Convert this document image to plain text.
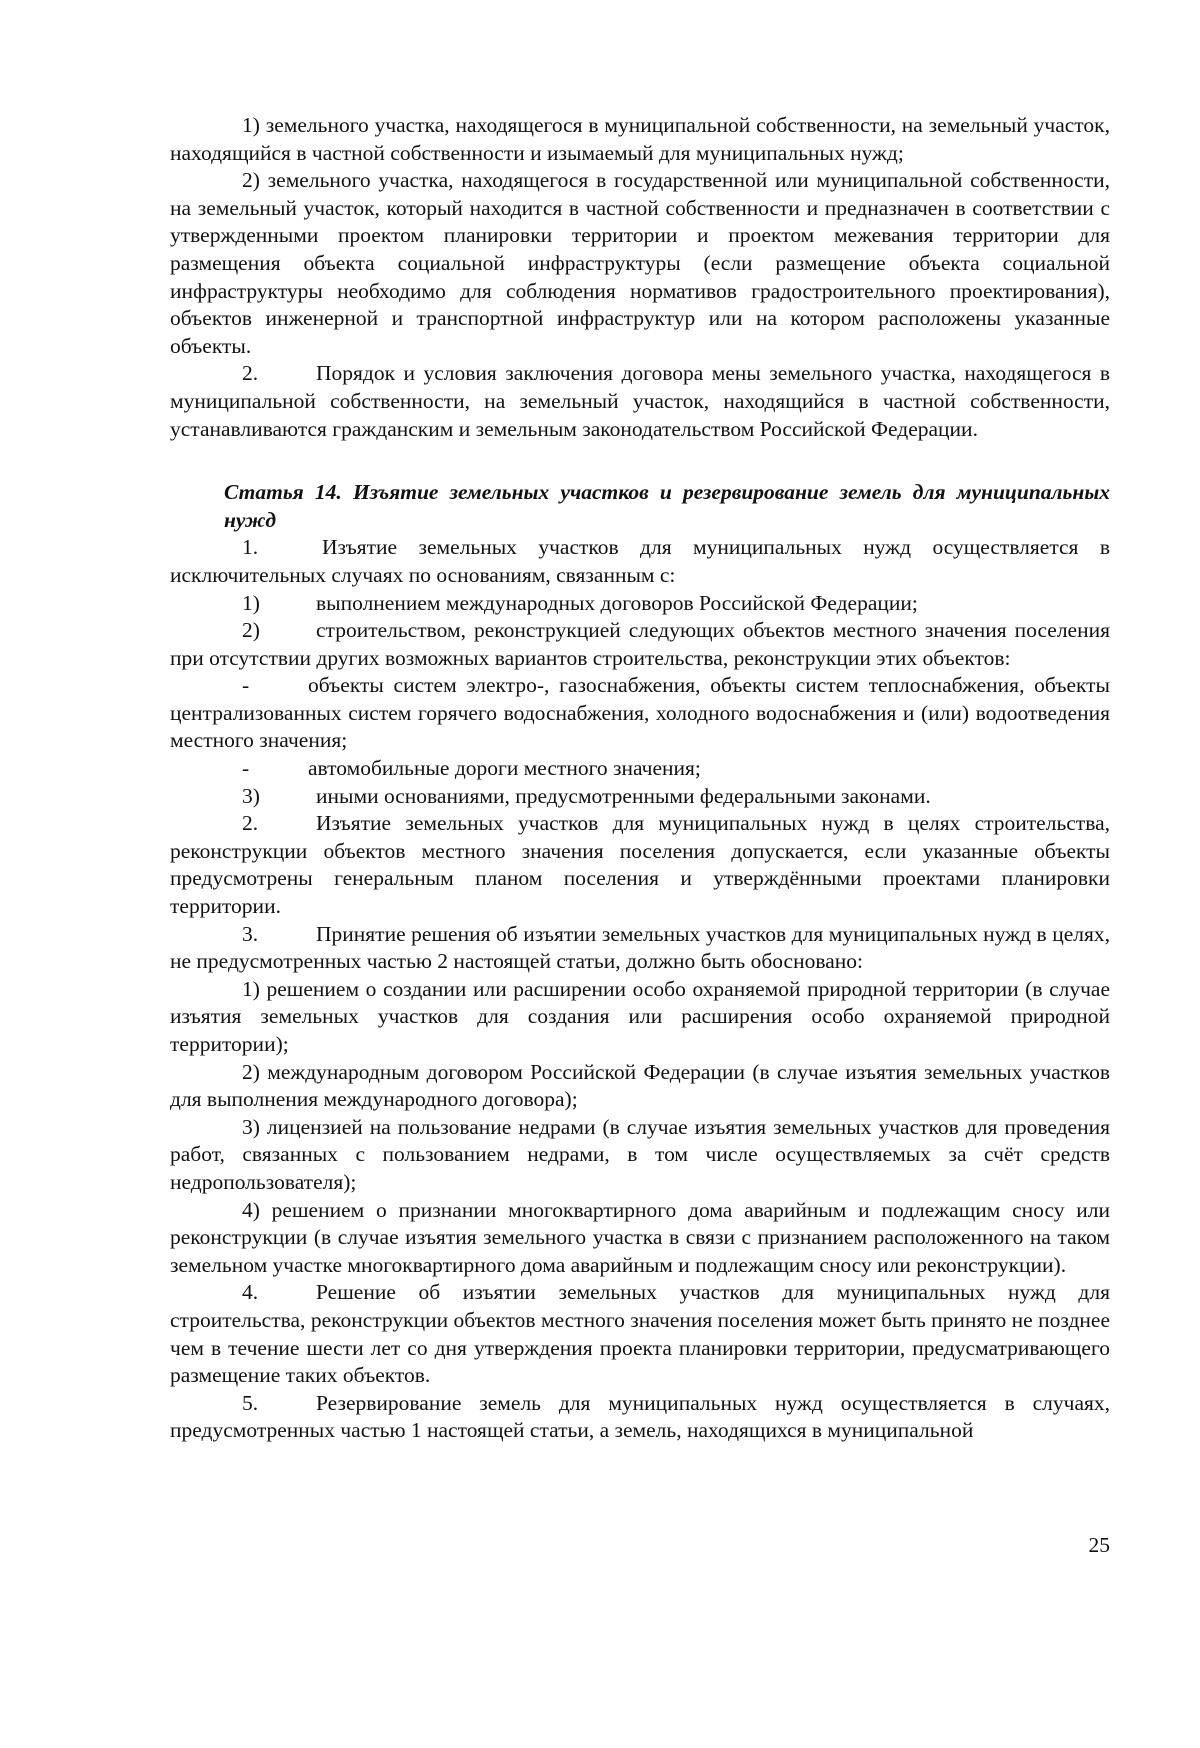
1) земельного участка, находящегося в муниципальной собственности, на земельный участок, находящийся в частной собственности и изымаемый для муниципальных нужд;

2) земельного участка, находящегося в государственной или муниципальной собственности, на земельный участок, который находится в частной собственности и предназначен в соответствии с утвержденными проектом планировки территории и проектом межевания территории для размещения объекта социальной инфраструктуры (если размещение объекта социальной инфраструктуры необходимо для соблюдения нормативов градостроительного проектирования), объектов инженерной и транспортной инфраструктур или на котором расположены указанные объекты.

2.	Порядок и условия заключения договора мены земельного участка, находящегося в муниципальной собственности, на земельный участок, находящийся в частной собственности, устанавливаются гражданским и земельным законодательством Российской Федерации.

Статья 14. Изъятие земельных участков и резервирование земель для муниципальных нужд

1.	Изъятие земельных участков для муниципальных нужд осуществляется в исключительных случаях по основаниям, связанным с:

1)	выполнением международных договоров Российской Федерации;

2)	строительством, реконструкцией следующих объектов местного значения поселения при отсутствии других возможных вариантов строительства, реконструкции этих объектов:

-	объекты систем электро-, газоснабжения, объекты систем теплоснабжения, объекты централизованных систем горячего водоснабжения, холодного водоснабжения и (или) водоотведения местного значения;

-	автомобильные дороги местного значения;

3)	иными основаниями, предусмотренными федеральными законами.

2.	Изъятие земельных участков для муниципальных нужд в целях строительства, реконструкции объектов местного значения поселения допускается, если указанные объекты предусмотрены генеральным планом поселения и утверждёнными проектами планировки территории.

3.	Принятие решения об изъятии земельных участков для муниципальных нужд в целях, не предусмотренных частью 2 настоящей статьи, должно быть обосновано:

1) решением о создании или расширении особо охраняемой природной территории (в случае изъятия земельных участков для создания или расширения особо охраняемой природной территории);

2) международным договором Российской Федерации (в случае изъятия земельных участков для выполнения международного договора);

3) лицензией на пользование недрами (в случае изъятия земельных участков для проведения работ, связанных с пользованием недрами, в том числе осуществляемых за счёт средств недропользователя);

4) решением о признании многоквартирного дома аварийным и подлежащим сносу или реконструкции (в случае изъятия земельного участка в связи с признанием расположенного на таком земельном участке многоквартирного дома аварийным и подлежащим сносу или реконструкции).

4.	Решение об изъятии земельных участков для муниципальных нужд для строительства, реконструкции объектов местного значения поселения может быть принято не позднее чем в течение шести лет со дня утверждения проекта планировки территории, предусматривающего размещение таких объектов.

5.	Резервирование земель для муниципальных нужд осуществляется в случаях, предусмотренных частью 1 настоящей статьи, а земель, находящихся в муниципальной

25
